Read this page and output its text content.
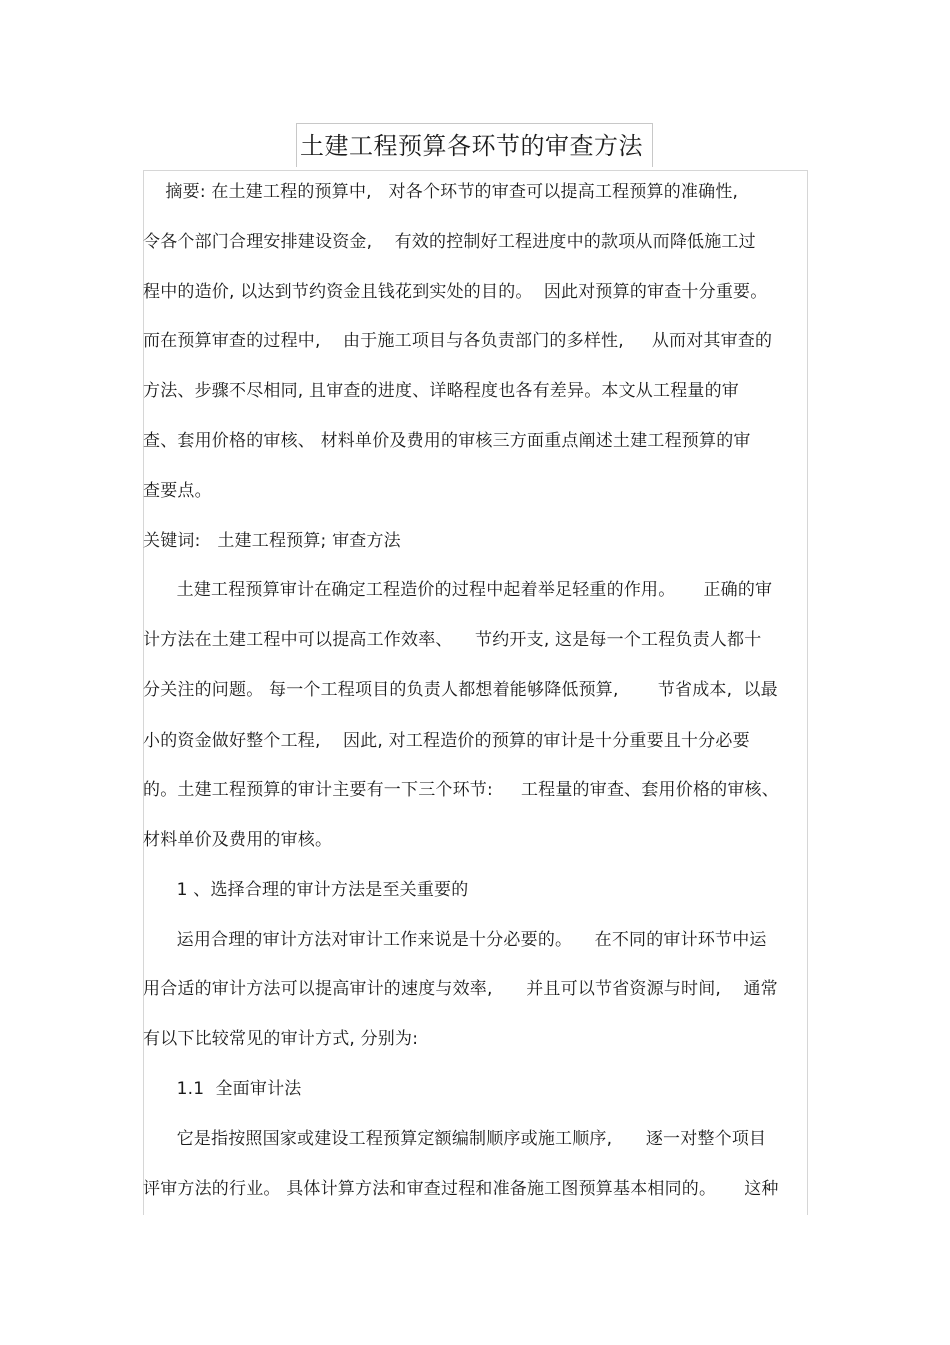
土建工程预算各环节的审查方法
摘要: 在土建工程的预算中,   对各个环节的审查可以提高工程预算的准确性,
令各个部门合理安排建设资金,    有效的控制好工程进度中的款项从而降低施工过
程中的造价, 以达到节约资金且钱花到实处的目的。  因此对预算的审查十分重要。
而在预算审查的过程中,    由于施工项目与各负责部门的多样性,     从而对其审查的
方法、步骤不尽相同, 且审查的进度、详略程度也各有差异。本文从工程量的审
查、套用价格的审核、 材料单价及费用的审核三方面重点阐述土建工程预算的审
查要点。
关键词:   土建工程预算; 审查方法
土建工程预算审计在确定工程造价的过程中起着举足轻重的作用。     正确的审
计方法在土建工程中可以提高工作效率、    节约开支, 这是每一个工程负责人都十
分关注的问题。 每一个工程项目的负责人都想着能够降低预算,       节省成本,  以最
小的资金做好整个工程,    因此, 对工程造价的预算的审计是十分重要且十分必要
的。土建工程预算的审计主要有一下三个环节:     工程量的审查、套用价格的审核、
材料单价及费用的审核。
1 、选择合理的审计方法是至关重要的
运用合理的审计方法对审计工作来说是十分必要的。    在不同的审计环节中运
用合适的审计方法可以提高审计的速度与效率,      并且可以节省资源与时间,    通常
有以下比较常见的审计方式, 分别为:
1.1  全面审计法
它是指按照国家或建设工程预算定额编制顺序或施工顺序,      逐一对整个项目
评审方法的行业。 具体计算方法和审查过程和准备施工图预算基本相同的。     这种
